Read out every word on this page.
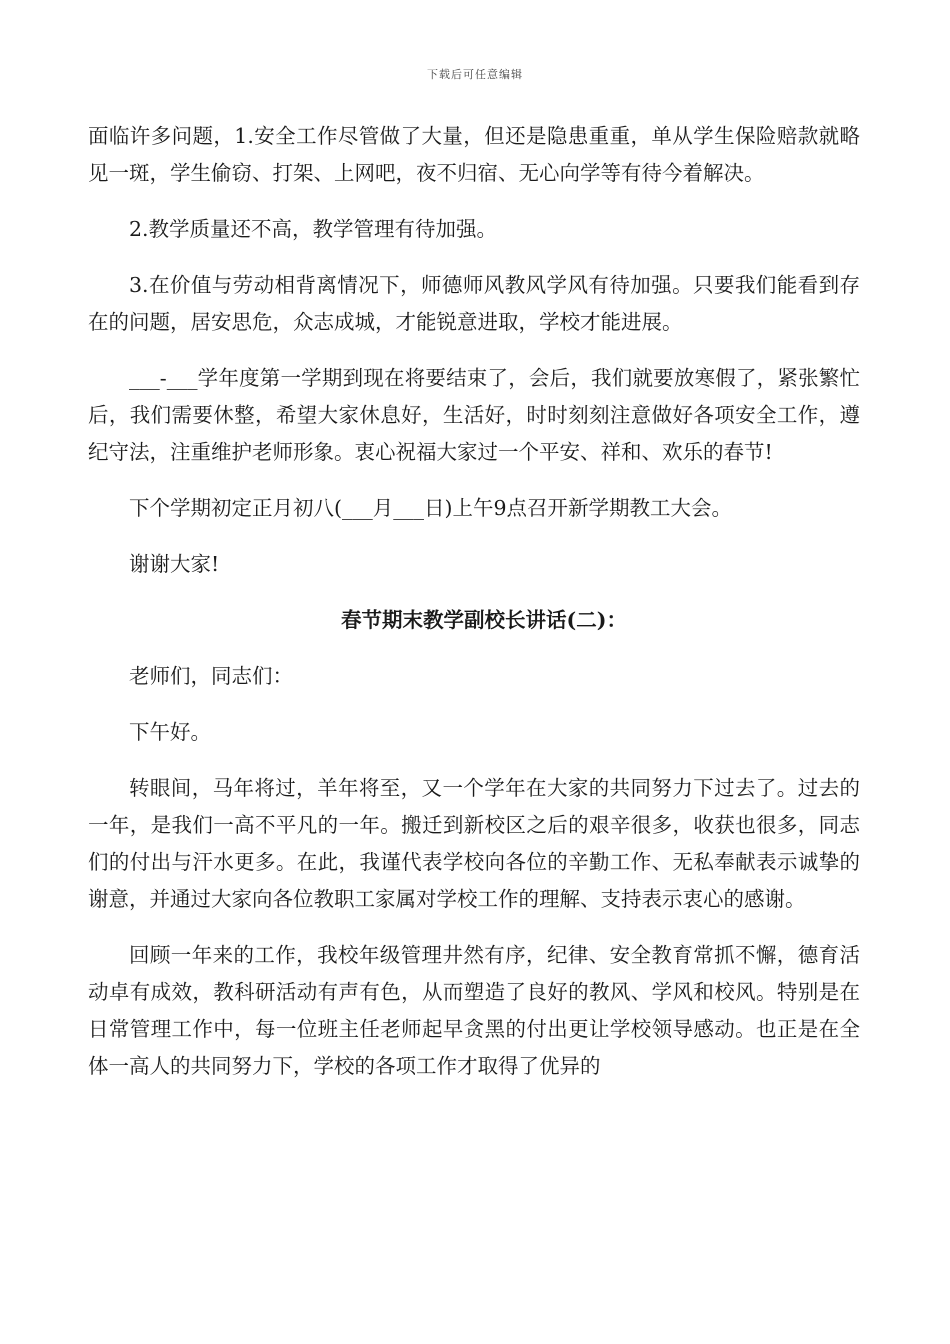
下载后可任意编辑

面临许多问题，1.安全工作尽管做了大量，但还是隐患重重，单从学生保险赔款就略见一斑，学生偷窃、打架、上网吧，夜不归宿、无心向学等有待今着解决。

2.教学质量还不高，教学管理有待加强。

3.在价值与劳动相背离情况下，师德师风教风学风有待加强。只要我们能看到存在的问题，居安思危，众志成城，才能锐意进取，学校才能进展。

___-___学年度第一学期到现在将要结束了，会后，我们就要放寒假了，紧张繁忙后，我们需要休整，希望大家休息好，生活好，时时刻刻注意做好各项安全工作，遵纪守法，注重维护老师形象。衷心祝福大家过一个平安、祥和、欢乐的春节!

下个学期初定正月初八(___月___日)上午9点召开新学期教工大会。

谢谢大家!

春节期末教学副校长讲话(二)：

老师们，同志们：

下午好。

转眼间，马年将过，羊年将至，又一个学年在大家的共同努力下过去了。过去的一年，是我们一高不平凡的一年。搬迁到新校区之后的艰辛很多，收获也很多，同志们的付出与汗水更多。在此，我谨代表学校向各位的辛勤工作、无私奉献表示诚挚的谢意，并通过大家向各位教职工家属对学校工作的理解、支持表示衷心的感谢。

回顾一年来的工作，我校年级管理井然有序，纪律、安全教育常抓不懈，德育活动卓有成效，教科研活动有声有色，从而塑造了良好的教风、学风和校风。特别是在日常管理工作中，每一位班主任老师起早贪黑的付出更让学校领导感动。也正是在全体一高人的共同努力下，学校的各项工作才取得了优异的
